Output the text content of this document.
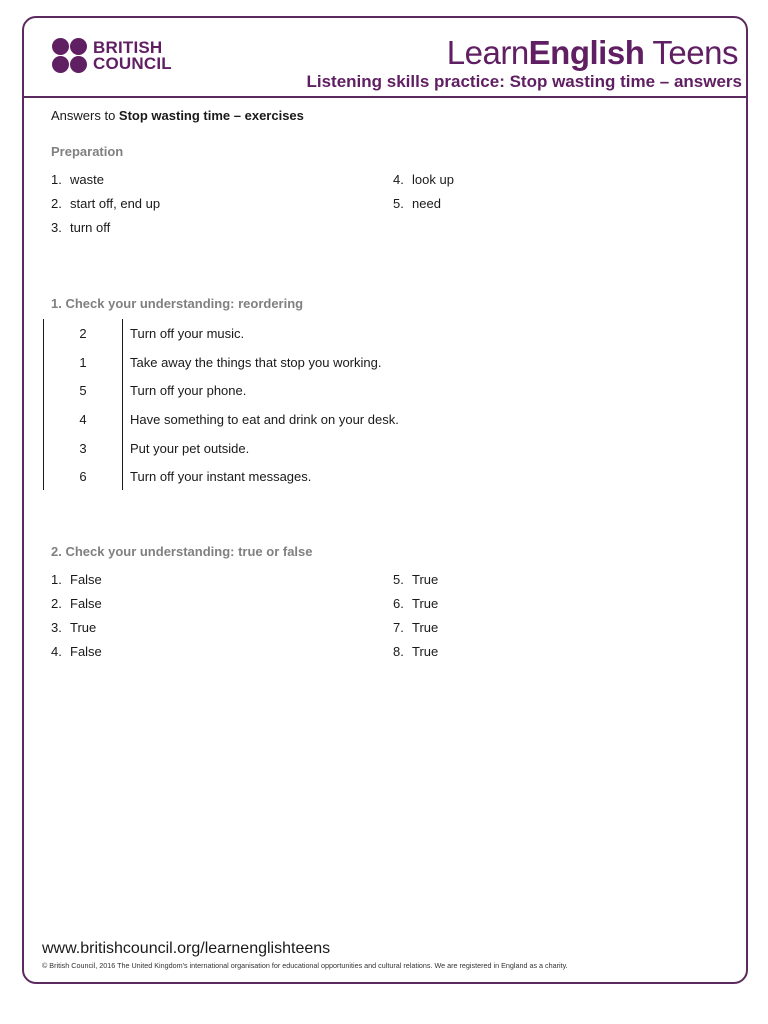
BRITISH
COUNCIL	LearnEnglish Teens
Listening skills practice: Stop wasting time – answers
Answers to Stop wasting time – exercises
Preparation
1. waste
2. start off, end up
3. turn off
4. look up
5. need
1. Check your understanding: reordering
2	Turn off your music.
1	Take away the things that stop you working.
5	Turn off your phone.
4	Have something to eat and drink on your desk.
3	Put your pet outside.
6	Turn off your instant messages.
2. Check your understanding: true or false
1. False
2. False
3. True
4. False
5. True
6. True
7. True
8. True
www.britishcouncil.org/learnenglishteens
© British Council, 2016 The United Kingdom's international organisation for educational opportunities and cultural relations. We are registered in England as a charity.
